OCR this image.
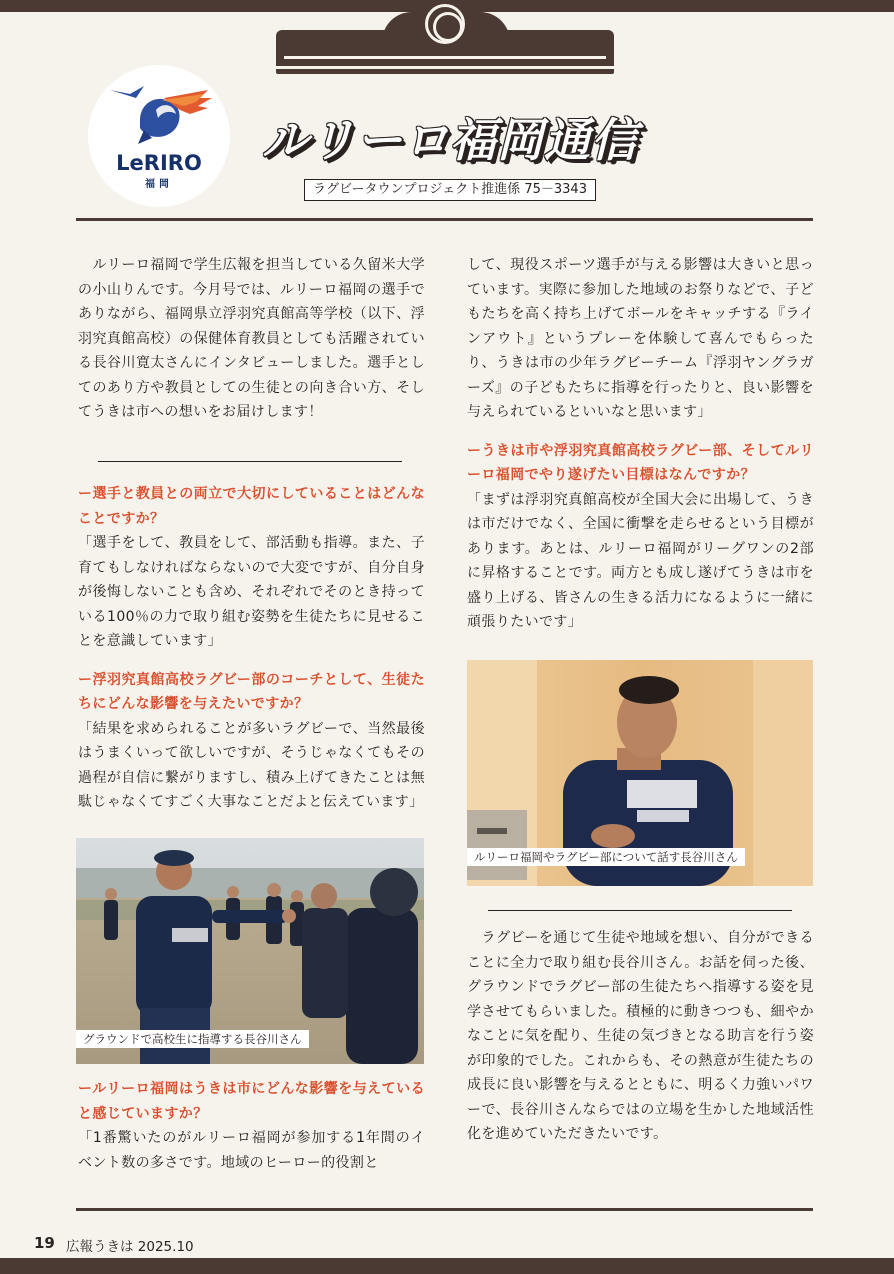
LeRIRO
福岡
ルリーロ福岡通信
ラグビータウンプロジェクト推進係 75－3343

　ルリーロ福岡で学生広報を担当している久留米大学の小山りんです。今月号では、ルリーロ福岡の選手でありながら、福岡県立浮羽究真館高等学校（以下、浮羽究真館高校）の保健体育教員としても活躍されている長谷川寛太さんにインタビューしました。選手としてのあり方や教員としての生徒との向き合い方、そしてうきは市への想いをお届けします！

ー選手と教員との両立で大切にしていることはどんなことですか？

「選手をして、教員をして、部活動も指導。また、子育てもしなければならないので大変ですが、自分自身が後悔しないことも含め、それぞれでそのとき持っている100％の力で取り組む姿勢を生徒たちに見せることを意識しています」

ー浮羽究真館高校ラグビー部のコーチとして、生徒たちにどんな影響を与えたいですか？

「結果を求められることが多いラグビーで、当然最後はうまくいって欲しいですが、そうじゃなくてもその過程が自信に繋がりますし、積み上げてきたことは無駄じゃなくてすごく大事なことだよと伝えています」

グラウンドで高校生に指導する長谷川さん

ールリーロ福岡はうきは市にどんな影響を与えていると感じていますか？

「1番驚いたのがルリーロ福岡が参加する1年間のイベント数の多さです。地域のヒーロー的役割と

して、現役スポーツ選手が与える影響は大きいと思っています。実際に参加した地域のお祭りなどで、子どもたちを高く持ち上げてボールをキャッチする『ラインアウト』というプレーを体験して喜んでもらったり、うきは市の少年ラグビーチーム『浮羽ヤングラガーズ』の子どもたちに指導を行ったりと、良い影響を与えられているといいなと思います」

ーうきは市や浮羽究真館高校ラグビー部、そしてルリーロ福岡でやり遂げたい目標はなんですか？

「まずは浮羽究真館高校が全国大会に出場して、うきは市だけでなく、全国に衝撃を走らせるという目標があります。あとは、ルリーロ福岡がリーグワンの2部に昇格することです。両方とも成し遂げてうきは市を盛り上げる、皆さんの生きる活力になるように一緒に頑張りたいです」

ルリーロ福岡やラグビー部について話す長谷川さん

　ラグビーを通じて生徒や地域を想い、自分ができることに全力で取り組む長谷川さん。お話を伺った後、グラウンドでラグビー部の生徒たちへ指導する姿を見学させてもらいました。積極的に動きつつも、細やかなことに気を配り、生徒の気づきとなる助言を行う姿が印象的でした。これからも、その熱意が生徒たちの成長に良い影響を与えるとともに、明るく力強いパワーで、長谷川さんならではの立場を生かした地域活性化を進めていただきたいです。

19 広報うきは 2025.10
